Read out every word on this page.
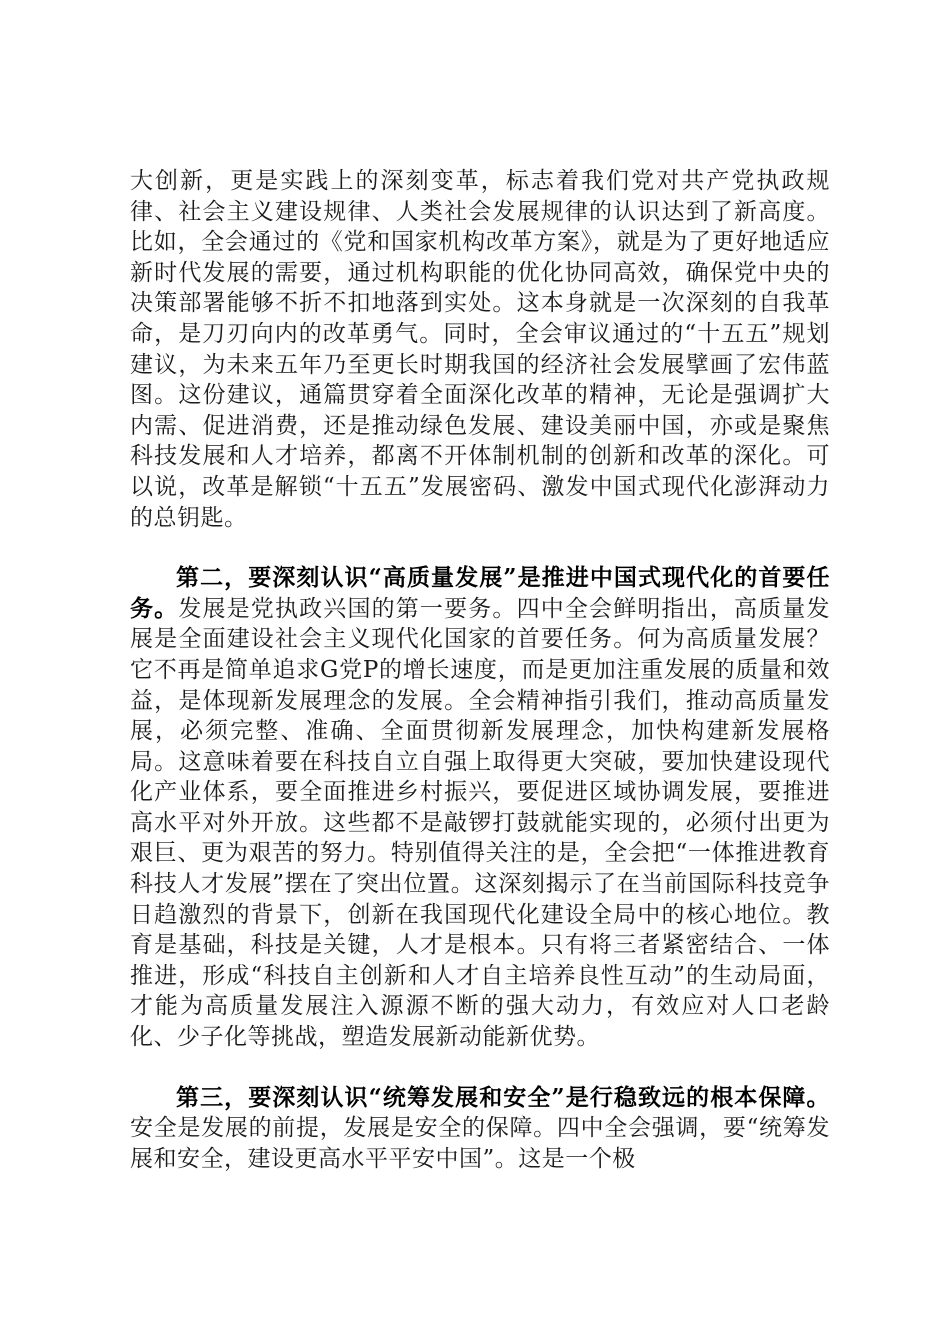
大创新，更是实践上的深刻变革，标志着我们党对共产党执政规律、社会主义建设规律、人类社会发展规律的认识达到了新高度。比如，全会通过的《党和国家机构改革方案》，就是为了更好地适应新时代发展的需要，通过机构职能的优化协同高效，确保党中央的决策部署能够不折不扣地落到实处。这本身就是一次深刻的自我革命，是刀刃向内的改革勇气。同时，全会审议通过的“十五五”规划建议，为未来五年乃至更长时期我国的经济社会发展擘画了宏伟蓝图。这份建议，通篇贯穿着全面深化改革的精神，无论是强调扩大内需、促进消费，还是推动绿色发展、建设美丽中国，亦或是聚焦科技发展和人才培养，都离不开体制机制的创新和改革的深化。可以说，改革是解锁“十五五”发展密码、激发中国式现代化澎湃动力的总钥匙。

第二，要深刻认识“高质量发展”是推进中国式现代化的首要任务。发展是党执政兴国的第一要务。四中全会鲜明指出，高质量发展是全面建设社会主义现代化国家的首要任务。何为高质量发展？它不再是简单追求G党P的增长速度，而是更加注重发展的质量和效益，是体现新发展理念的发展。全会精神指引我们，推动高质量发展，必须完整、准确、全面贯彻新发展理念，加快构建新发展格局。这意味着要在科技自立自强上取得更大突破，要加快建设现代化产业体系，要全面推进乡村振兴，要促进区域协调发展，要推进高水平对外开放。这些都不是敲锣打鼓就能实现的，必须付出更为艰巨、更为艰苦的努力。特别值得关注的是，全会把“一体推进教育科技人才发展”摆在了突出位置。这深刻揭示了在当前国际科技竞争日趋激烈的背景下，创新在我国现代化建设全局中的核心地位。教育是基础，科技是关键，人才是根本。只有将三者紧密结合、一体推进，形成“科技自主创新和人才自主培养良性互动”的生动局面，才能为高质量发展注入源源不断的强大动力，有效应对人口老龄化、少子化等挑战，塑造发展新动能新优势。

第三，要深刻认识“统筹发展和安全”是行稳致远的根本保障。安全是发展的前提，发展是安全的保障。四中全会强调，要“统筹发展和安全，建设更高水平平安中国”。这是一个极
